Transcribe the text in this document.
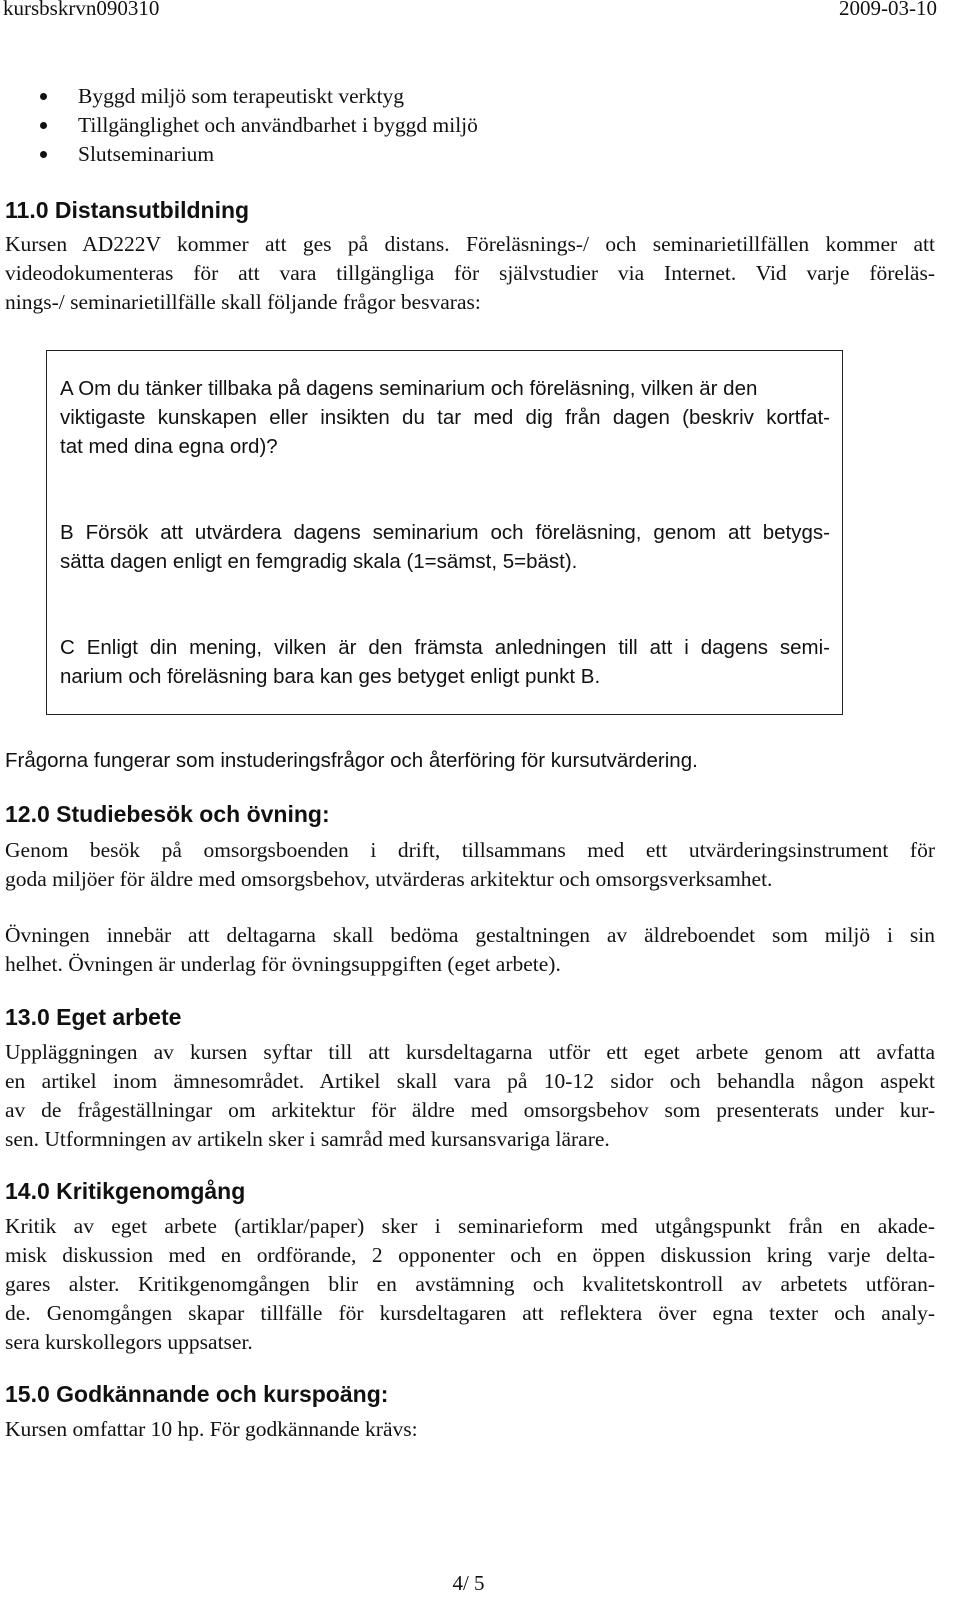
kursbskrvn090310	2009-03-10
Byggd miljö som terapeutiskt verktyg
Tillgänglighet och användbarhet i byggd miljö
Slutseminarium
11.0 Distansutbildning

Kursen AD222V kommer att ges på distans. Föreläsnings-/ och seminarietillfällen kommer att
videodokumenteras för att vara tillgängliga för självstudier via Internet. Vid varje föreläs-
nings-/ seminarietillfälle skall följande frågor besvaras:

A Om du tänker tillbaka på dagens seminarium och föreläsning, vilken är den
viktigaste kunskapen eller insikten du tar med dig från dagen (beskriv kortfat-
tat med dina egna ord)?
B Försök att utvärdera dagens seminarium och föreläsning, genom att betygs-
sätta dagen enligt en femgradig skala (1=sämst, 5=bäst).
C Enligt din mening, vilken är den främsta anledningen till att i dagens semi-
narium och föreläsning bara kan ges betyget enligt punkt B.

Frågorna fungerar som instuderingsfrågor och återföring för kursutvärdering.

12.0 Studiebesök och övning:

Genom besök på omsorgsboenden i drift, tillsammans med ett utvärderingsinstrument för
goda miljöer för äldre med omsorgsbehov, utvärderas arkitektur och omsorgsverksamhet.

Övningen innebär att deltagarna skall bedöma gestaltningen av äldreboendet som miljö i sin
helhet. Övningen är underlag för övningsuppgiften (eget arbete).

13.0 Eget arbete

Uppläggningen av kursen syftar till att kursdeltagarna utför ett eget arbete genom att avfatta
en artikel inom ämnesområdet. Artikel skall vara på 10-12 sidor och behandla någon aspekt
av de frågeställningar om arkitektur för äldre med omsorgsbehov som presenterats under kur-
sen. Utformningen av artikeln sker i samråd med kursansvariga lärare.

14.0 Kritikgenomgång

Kritik av eget arbete (artiklar/paper) sker i seminarieform med utgångspunkt från en akade-
misk diskussion med en ordförande, 2 opponenter och en öppen diskussion kring varje delta-
gares alster. Kritikgenomgången blir en avstämning och kvalitetskontroll av arbetets utföran-
de. Genomgången skapar tillfälle för kursdeltagaren att reflektera över egna texter och analy-
sera kurskollegors uppsatser.

15.0 Godkännande och kurspoäng:

Kursen omfattar 10 hp. För godkännande krävs:

4/ 5
